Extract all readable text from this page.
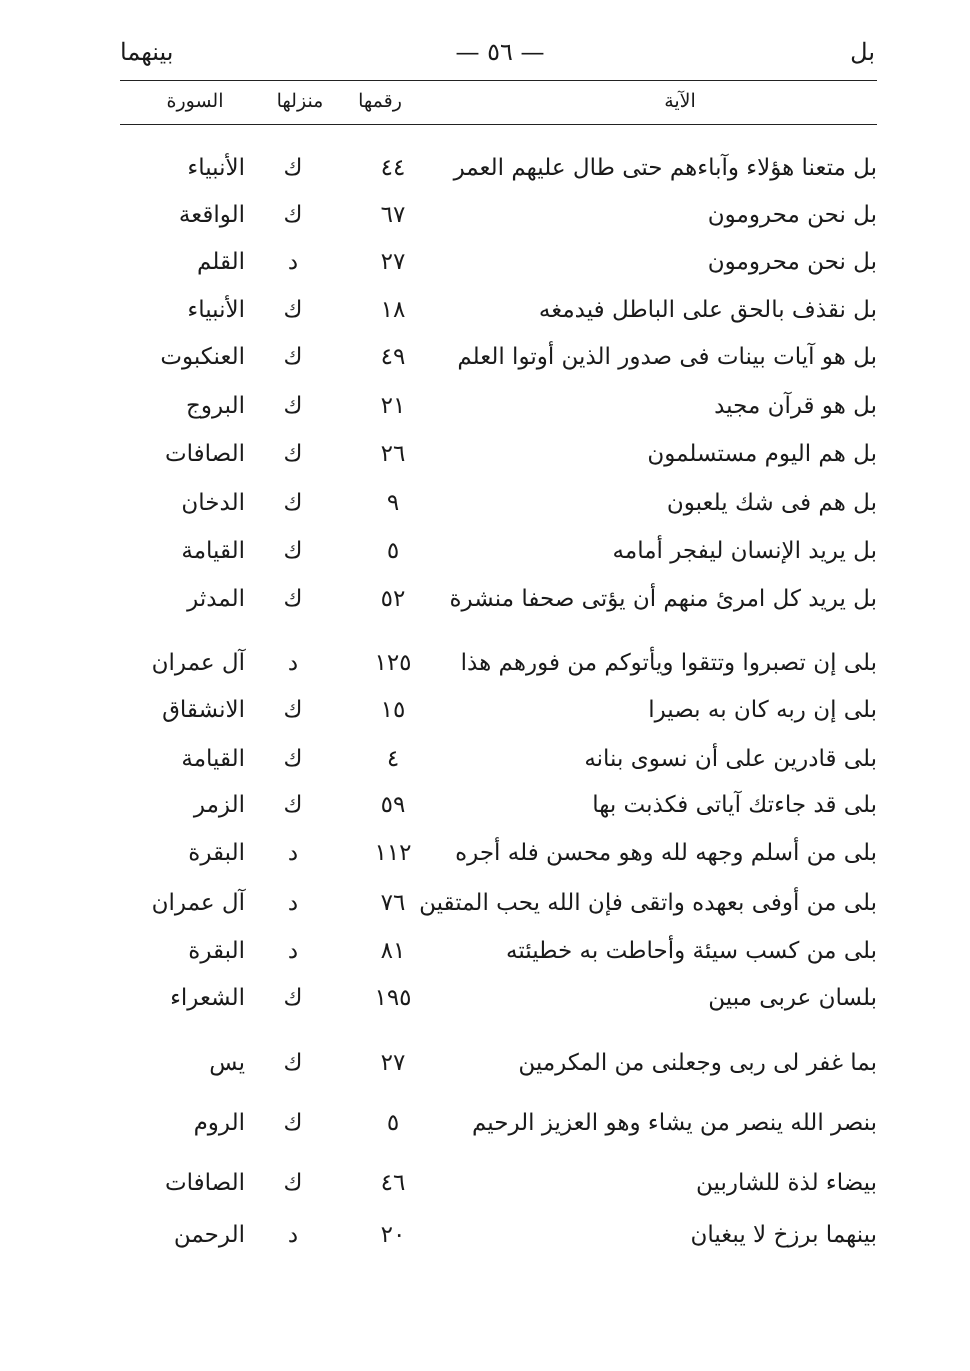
بل
— ٥٦ —
بينهما
الآية
رقمها
منزلها
السورة
بل متعنا هؤلاء وآباءهم حتى طال عليهم العمر
٤٤
ك
الأنبياء
بل نحن محرومون
٦٧
ك
الواقعة
بل نحن محرومون
٢٧
د
القلم
بل نقذف بالحق على الباطل فيدمغه
١٨
ك
الأنبياء
بل هو آيات بينات فى صدور الذين أوتوا العلم
٤٩
ك
العنكبوت
بل هو قرآن مجيد
٢١
ك
البروج
بل هم اليوم مستسلمون
٢٦
ك
الصافات
بل هم فى شك يلعبون
٩
ك
الدخان
بل يريد الإنسان ليفجر أمامه
٥
ك
القيامة
بل يريد كل امرئ منهم أن يؤتى صحفا منشرة
٥٢
ك
المدثر
بلى إن تصبروا وتتقوا ويأتوكم من فورهم هذا
١٢٥
د
آل عمران
بلى إن ربه كان به بصيرا
١٥
ك
الانشقاق
بلى قادرين على أن نسوى بنانه
٤
ك
القيامة
بلى قد جاءتك آياتى فكذبت بها
٥٩
ك
الزمر
بلى من أسلم وجهه لله وهو محسن فله أجره
١١٢
د
البقرة
بلى من أوفى بعهده واتقى فإن الله يحب المتقين
٧٦
د
آل عمران
بلى من كسب سيئة وأحاطت به خطيئته
٨١
د
البقرة
بلسان عربى مبين
١٩٥
ك
الشعراء
بما غفر لى ربى وجعلنى من المكرمين
٢٧
ك
يس
بنصر الله ينصر من يشاء وهو العزيز الرحيم
٥
ك
الروم
بيضاء لذة للشاربين
٤٦
ك
الصافات
بينهما برزخ لا يبغيان
٢٠
د
الرحمن
